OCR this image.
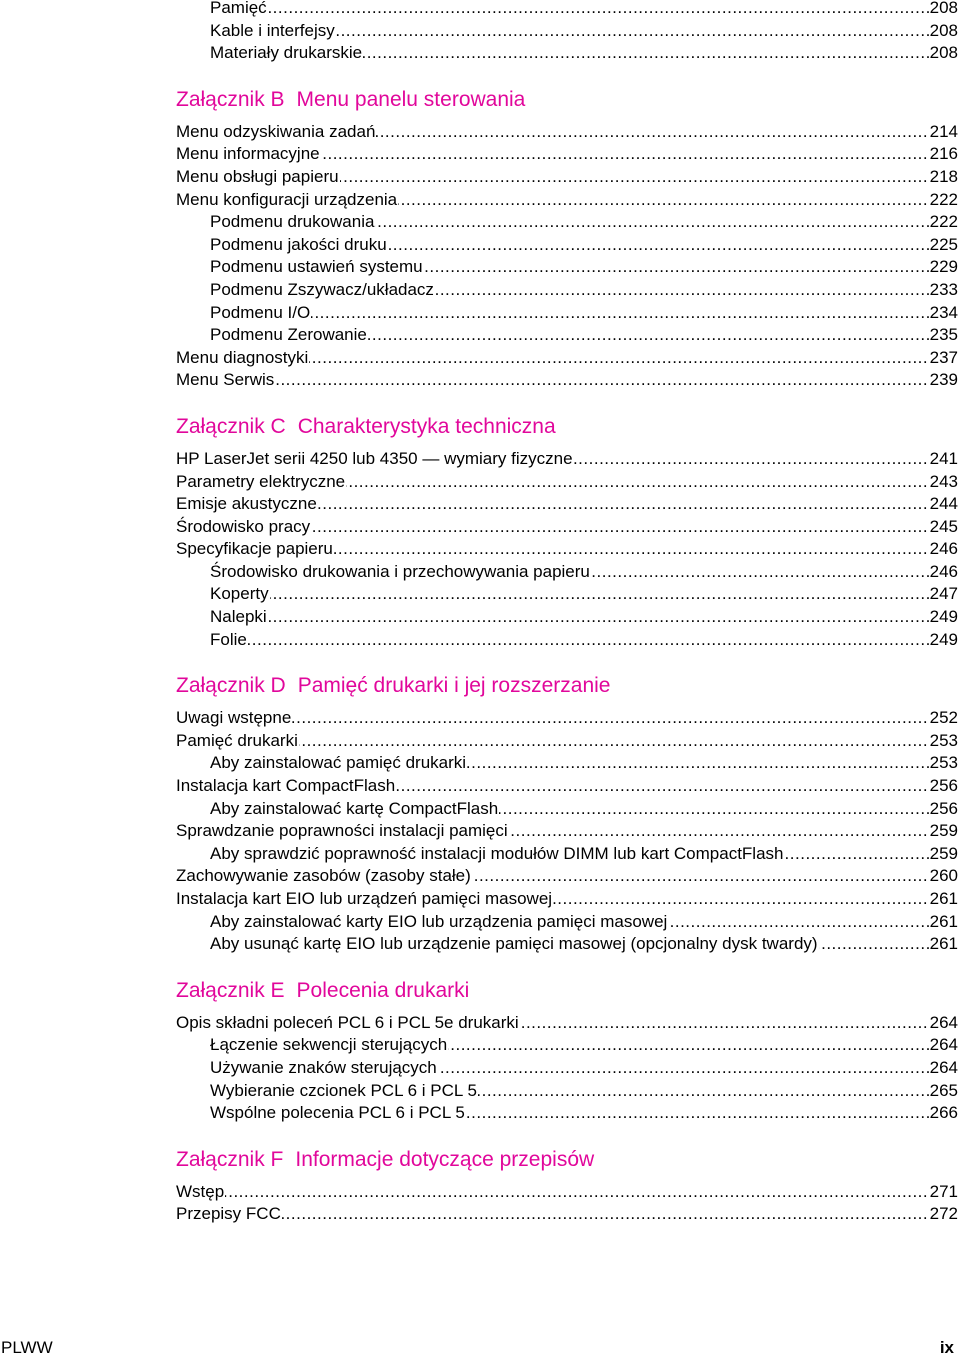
Pamięć	208
.....
Kable i interfejsy	208
.....
Materiały drukarskie	208
.....
Załącznik B Menu panelu sterowania
Menu odzyskiwania zadań	214
.....
Menu informacyjne	216
.....
Menu obsługi papieru	218
.....
Menu konfiguracji urządzenia	222
.....
Podmenu drukowania	222
.....
Podmenu jakości druku	225
.....
Podmenu ustawień systemu	229
.....
Podmenu Zszywacz/układacz	233
.....
Podmenu I/O	234
.....
Podmenu Zerowanie	235
.....
Menu diagnostyki	237
.....
Menu Serwis	239
.....
Załącznik C Charakterystyka techniczna
HP LaserJet serii 4250 lub 4350 — wymiary fizyczne	241
.....
Parametry elektryczne	243
.....
Emisje akustyczne	244
.....
Środowisko pracy	245
.....
Specyfikacje papieru	246
.....
Środowisko drukowania i przechowywania papieru	246
.....
Koperty	247
.....
Nalepki	249
.....
Folie	249
.....
Załącznik D Pamięć drukarki i jej rozszerzanie
Uwagi wstępne	252
.....
Pamięć drukarki	253
.....
Aby zainstalować pamięć drukarki	253
.....
Instalacja kart CompactFlash	256
.....
Aby zainstalować kartę CompactFlash	256
.....
Sprawdzanie poprawności instalacji pamięci	259
.....
Aby sprawdzić poprawność instalacji modułów DIMM lub kart CompactFlash	259
.....
Zachowywanie zasobów (zasoby stałe)	260
.....
Instalacja kart EIO lub urządzeń pamięci masowej	261
.....
Aby zainstalować karty EIO lub urządzenia pamięci masowej	261
.....
Aby usunąć kartę EIO lub urządzenie pamięci masowej (opcjonalny dysk twardy)	261
.....
Załącznik E Polecenia drukarki
Opis składni poleceń PCL 6 i PCL 5e drukarki	264
.....
Łączenie sekwencji sterujących	264
.....
Używanie znaków sterujących	264
.....
Wybieranie czcionek PCL 6 i PCL 5	265
.....
Wspólne polecenia PCL 6 i PCL 5	266
.....
Załącznik F Informacje dotyczące przepisów
Wstęp	271
.....
Przepisy FCC	272
.....
PLWW	ix
